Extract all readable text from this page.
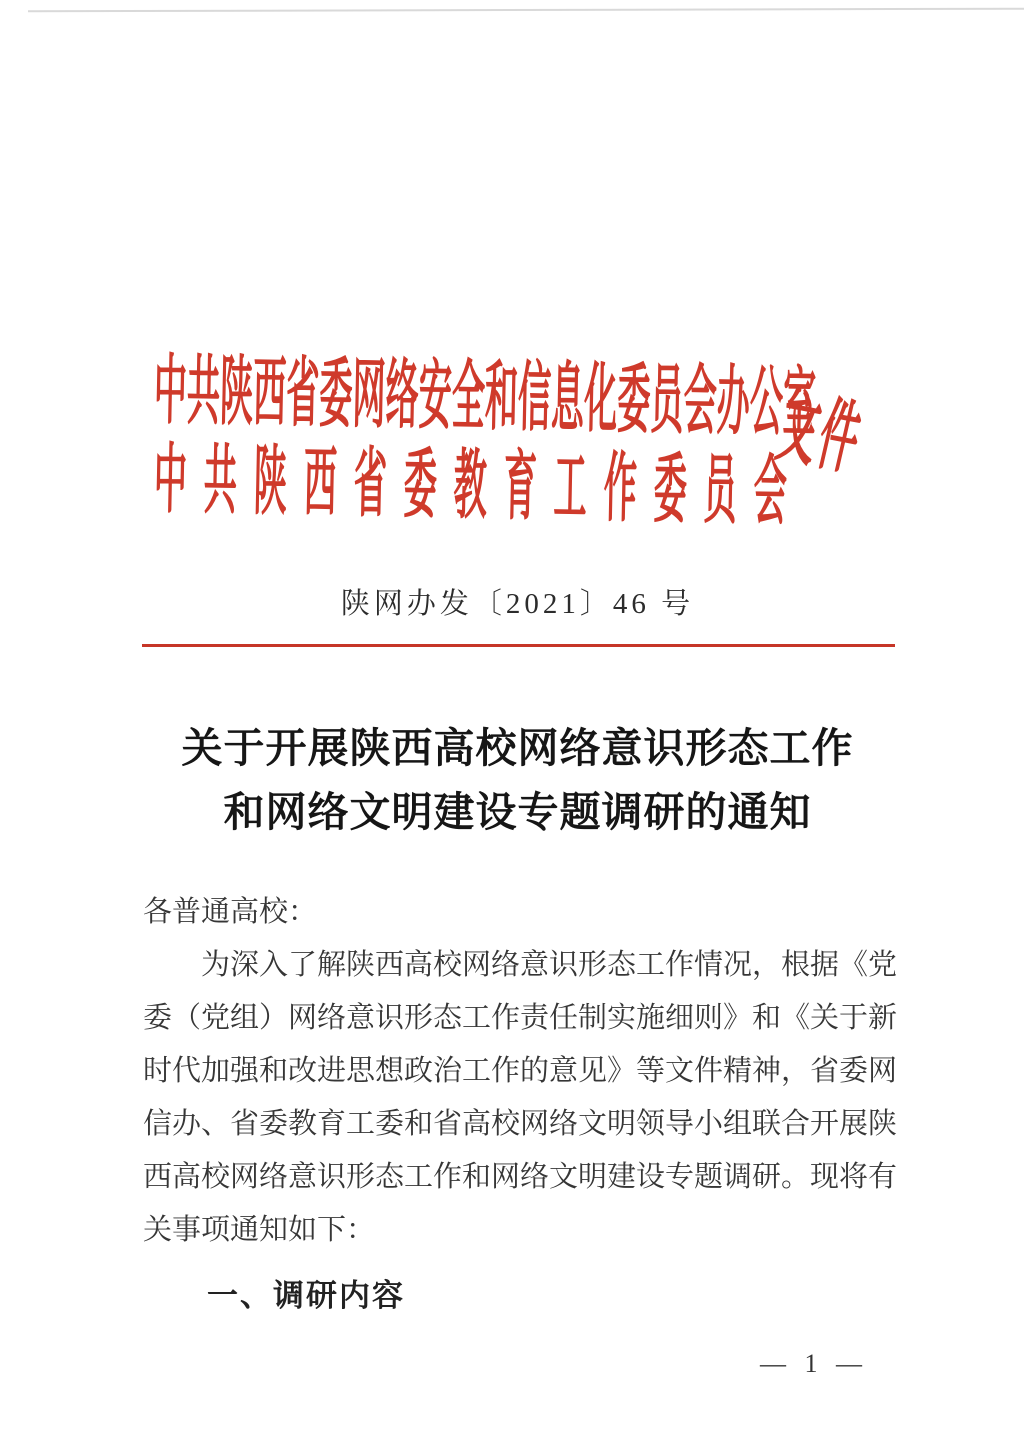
中共陕西省委网络安全和信息化委员会办公室
中 共 陕 西 省 委 教 育 工 作 委 员 会
文件
陕网办发〔2021〕46 号
关于开展陕西高校网络意识形态工作
和网络文明建设专题调研的通知
各普通高校：
为深入了解陕西高校网络意识形态工作情况，根据《党
委（党组）网络意识形态工作责任制实施细则》和《关于新
时代加强和改进思想政治工作的意见》等文件精神，省委网
信办、省委教育工委和省高校网络文明领导小组联合开展陕
西高校网络意识形态工作和网络文明建设专题调研。现将有
关事项通知如下：
一、调研内容
— 1 —
